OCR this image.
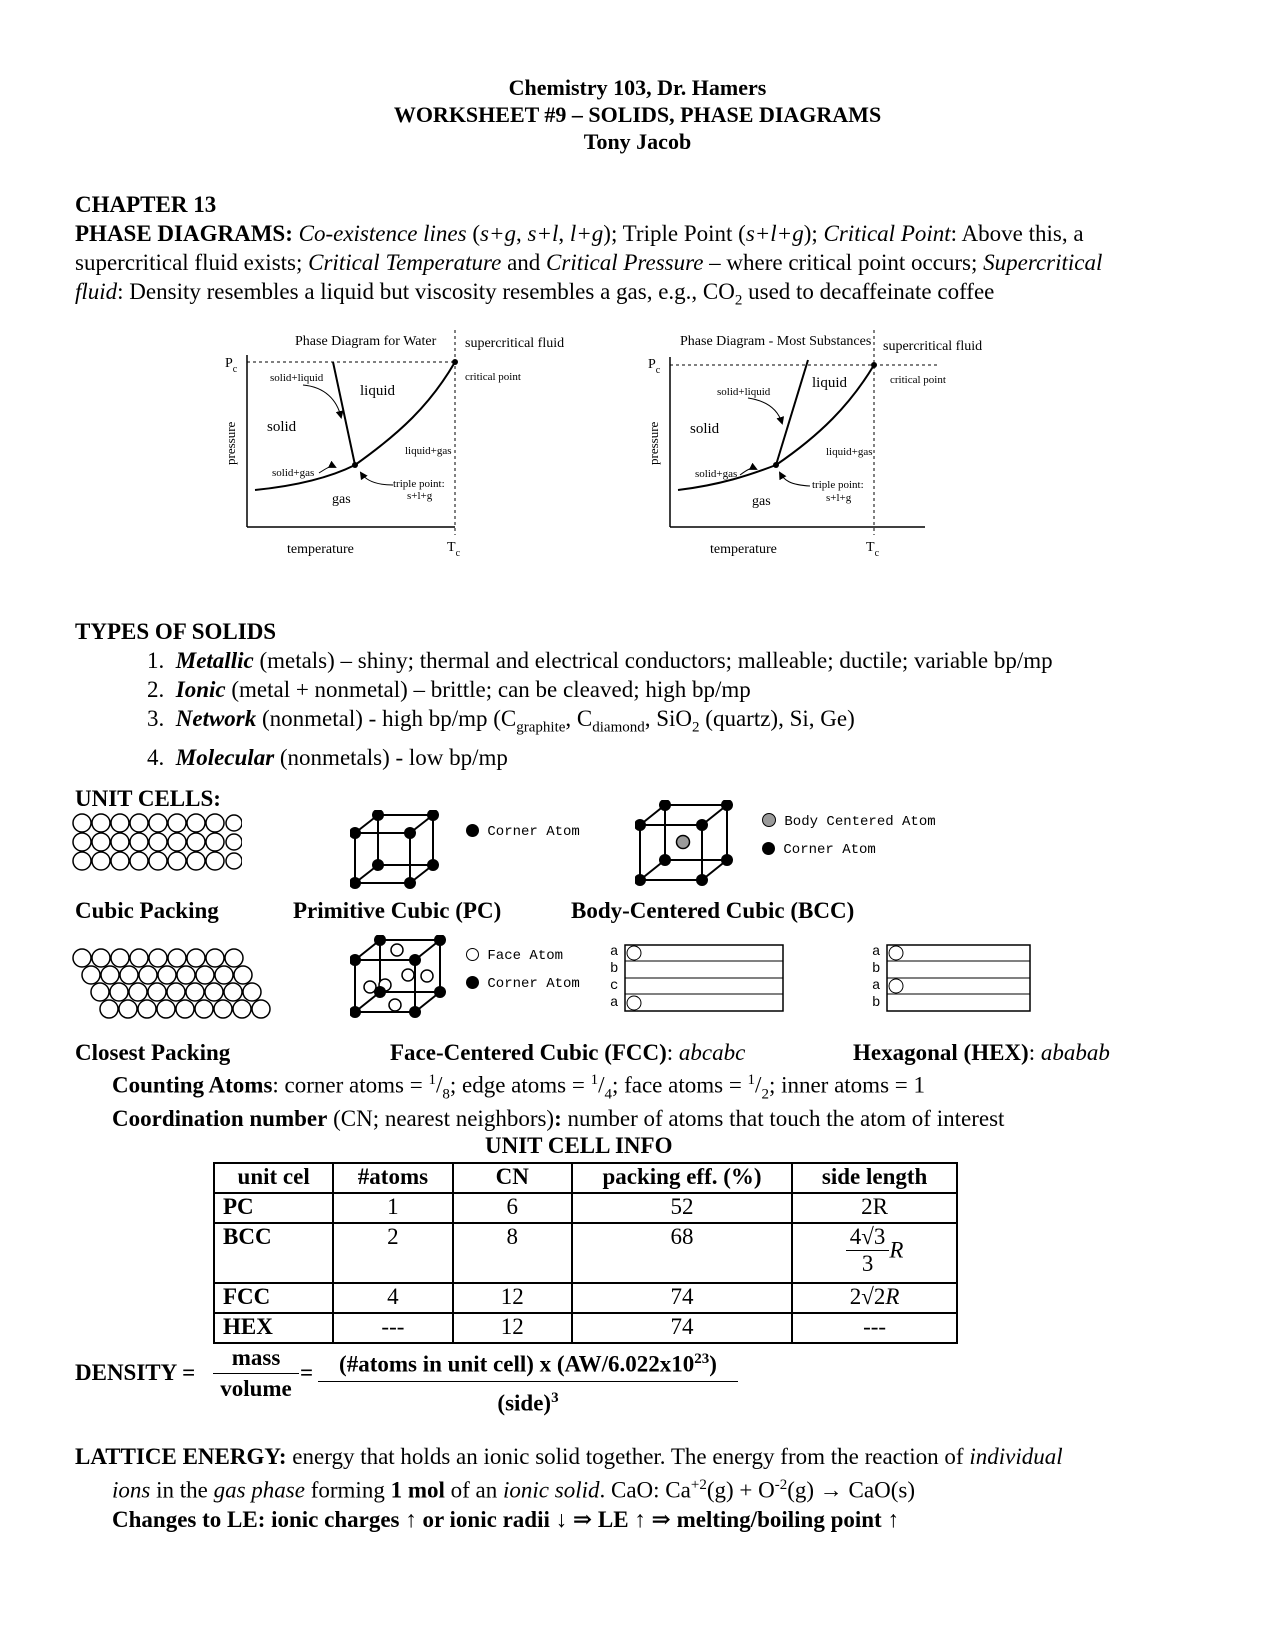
Chemistry 103, Dr. Hamers
WORKSHEET #9 – SOLIDS, PHASE DIAGRAMS
Tony Jacob

CHAPTER 13

PHASE DIAGRAMS: Co-existence lines (s+g, s+l, l+g); Triple Point (s+l+g); Critical Point: Above this, a

supercritical fluid exists; Critical Temperature and Critical Pressure – where critical point occurs; Supercritical

fluid: Density resembles a liquid but viscosity resembles a gas, e.g., $CO_2$ used to decaffeinate coffee

Phase Diagram for Water supercritical fluid
$P_c$
pressure
solid+liquid
liquid
critical point
solid
liquid+gas
solid+gas
triple point:
s+l+g
gas
temperature	$T_c$
Phase Diagram - Most Substances supercritical fluid
$P_c$
pressure
solid+liquid
liquid	critical point
solid
liquid+gas
solid+gas
triple point:
s+l+g
gas
temperature	$T_c$

TYPES OF SOLIDS

1. Metallic (metals) – shiny; thermal and electrical conductors; malleable; ductile; variable bp/mp

2. Ionic (metal + nonmetal) – brittle; can be cleaved; high bp/mp

3. Network (nonmetal) - high bp/mp ($C_{graphite}$, $C_{diamond}$, SiO$_2$ (quartz), Si, Ge)

4. Molecular (nonmetals) - low bp/mp

UNIT CELLS:
Corner Atom
Body Centered Atom
Corner Atom
Cubic Packing	Primitive Cubic (PC)	Body-Centered Cubic (BCC)
Face Atom
Corner Atom
a
b
c
a
a
b
a
b
Closest Packing	Face-Centered Cubic (FCC): abcabc	Hexagonal (HEX): ababab
Counting Atoms: corner atoms = $^1/_8$; edge atoms = $^1/_4$; face atoms = $^1/_2$; inner atoms = 1
Coordination number (CN; nearest neighbors): number of atoms that touch the atom of interest
UNIT CELL INFO
unit cel	#atoms	CN	packing eff. (%)	side length
PC	1	6	52	2R
BCC	2	8	68	$\frac{4√3}{3}$ R
FCC	4	12	74	2√2R
HEX	---	12	74	---
DENSITY =
mass
volume
=	(#atoms in unit cell) x $(AW/6.022x10^{23})$
(side)$^3$

LATTICE ENERGY: energy that holds an ionic solid together. The energy from the reaction of individual

ions in the gas phase forming 1 mol of an ionic solid. CaO: $Ca^{+2}(g) + O^{-2}(g) \to CaO(s)$

Changes to LE: ionic charges ↑ or ionic radii ↓ ⇒ LE ↑ ⇒ melting/boiling point ↑
